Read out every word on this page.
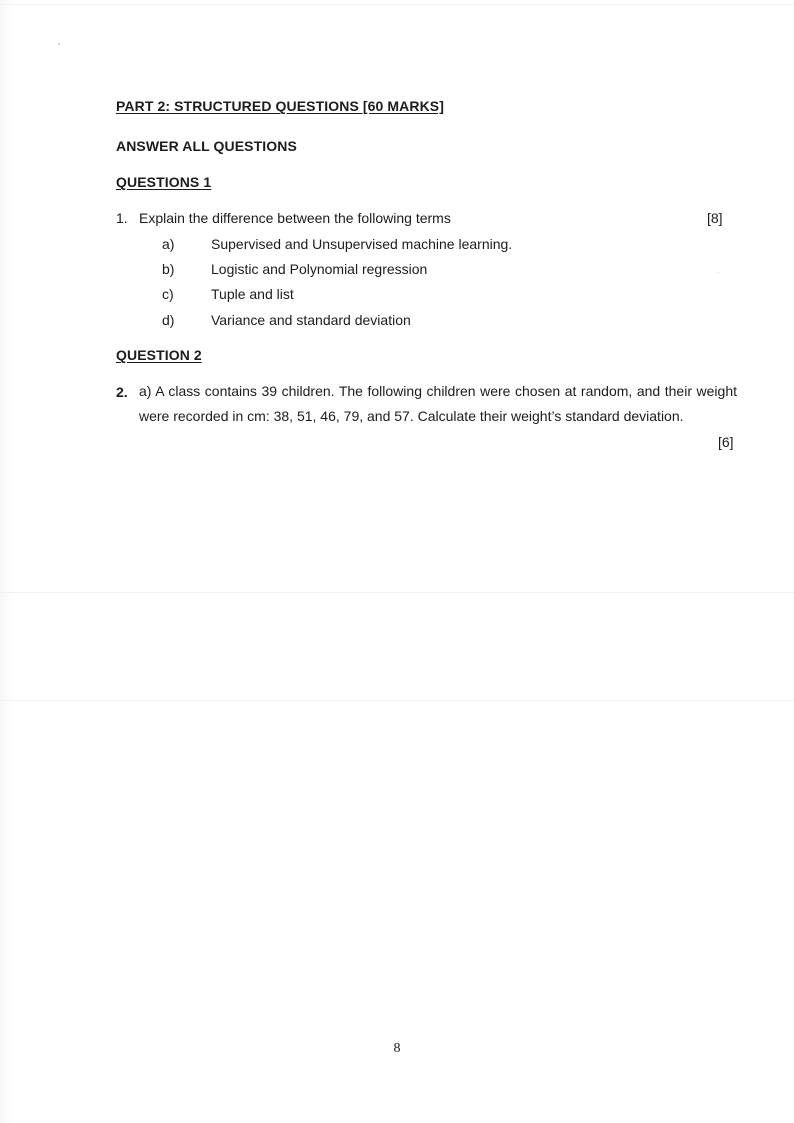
PART 2: STRUCTURED QUESTIONS [60 MARKS]
ANSWER ALL QUESTIONS
QUESTIONS 1
1. Explain the difference between the following terms	[8]
a)	Supervised and Unsupervised machine learning.
b)	Logistic and Polynomial regression
c)	Tuple and list
d)	Variance and standard deviation
QUESTION 2
2. a) A class contains 39 children. The following children were chosen at random, and their weight were recorded in cm: 38, 51, 46, 79, and 57. Calculate their weight’s standard deviation.
[6]
8
